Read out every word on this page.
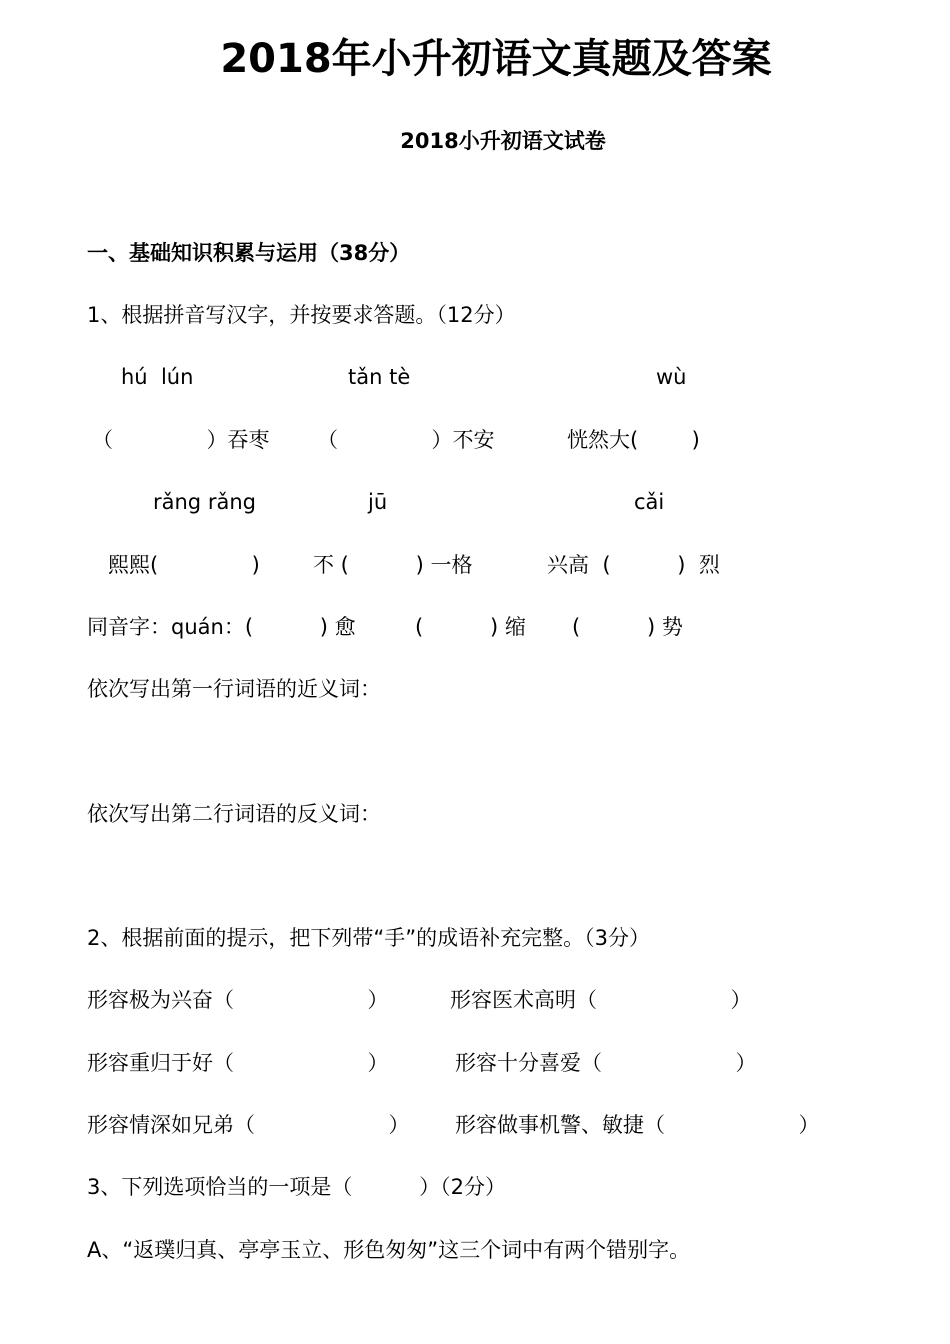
2018年小升初语文真题及答案
2018小升初语文试卷
一、基础知识积累与运用（38分）
1、根据拼音写汉字，并按要求答题。（12分）
hú  lún	tǎn tè	wù
（              ）吞枣 （              ）不安	恍然大(        )
rǎng rǎng	jū	cǎi
熙熙(              )	不 (          ) 一格	兴高  (          )  烈
同音字：quán：(          ) 愈	(          ) 缩 (          ) 势
依次写出第一行词语的近义词：
依次写出第二行词语的反义词：
2、根据前面的提示，把下列带“手”的成语补充完整。（3分）
形容极为兴奋（                    ）	形容医术高明（                    ）
形容重归于好（                    ）	形容十分喜爱（                    ）
形容情深如兄弟（                    ） 形容做事机警、敏捷（                    ）
3、下列选项恰当的一项是（          ）（2分）
A、“返璞归真、亭亭玉立、形色匆匆”这三个词中有两个错别字。
